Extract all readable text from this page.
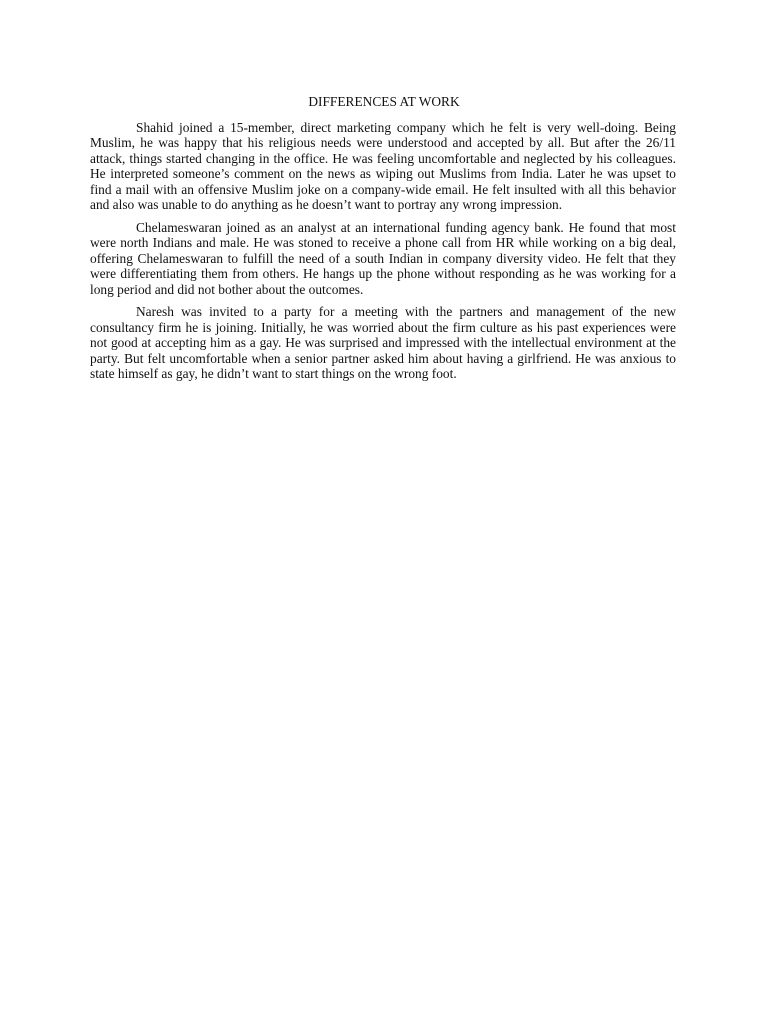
DIFFERENCES AT WORK

Shahid joined a 15-member, direct marketing company which he felt is very well-doing. Being Muslim, he was happy that his religious needs were understood and accepted by all. But after the 26/11 attack, things started changing in the office. He was feeling uncomfortable and neglected by his colleagues. He interpreted someone’s comment on the news as wiping out Muslims from India. Later he was upset to find a mail with an offensive Muslim joke on a company-wide email. He felt insulted with all this behavior and also was unable to do anything as he doesn’t want to portray any wrong impression.

Chelameswaran joined as an analyst at an international funding agency bank. He found that most were north Indians and male. He was stoned to receive a phone call from HR while working on a big deal, offering Chelameswaran to fulfill the need of a south Indian in company diversity video. He felt that they were differentiating them from others. He hangs up the phone without responding as he was working for a long period and did not bother about the outcomes.

Naresh was invited to a party for a meeting with the partners and management of the new consultancy firm he is joining. Initially, he was worried about the firm culture as his past experiences were not good at accepting him as a gay. He was surprised and impressed with the intellectual environment at the party. But felt uncomfortable when a senior partner asked him about having a girlfriend. He was anxious to state himself as gay, he didn’t want to start things on the wrong foot.
